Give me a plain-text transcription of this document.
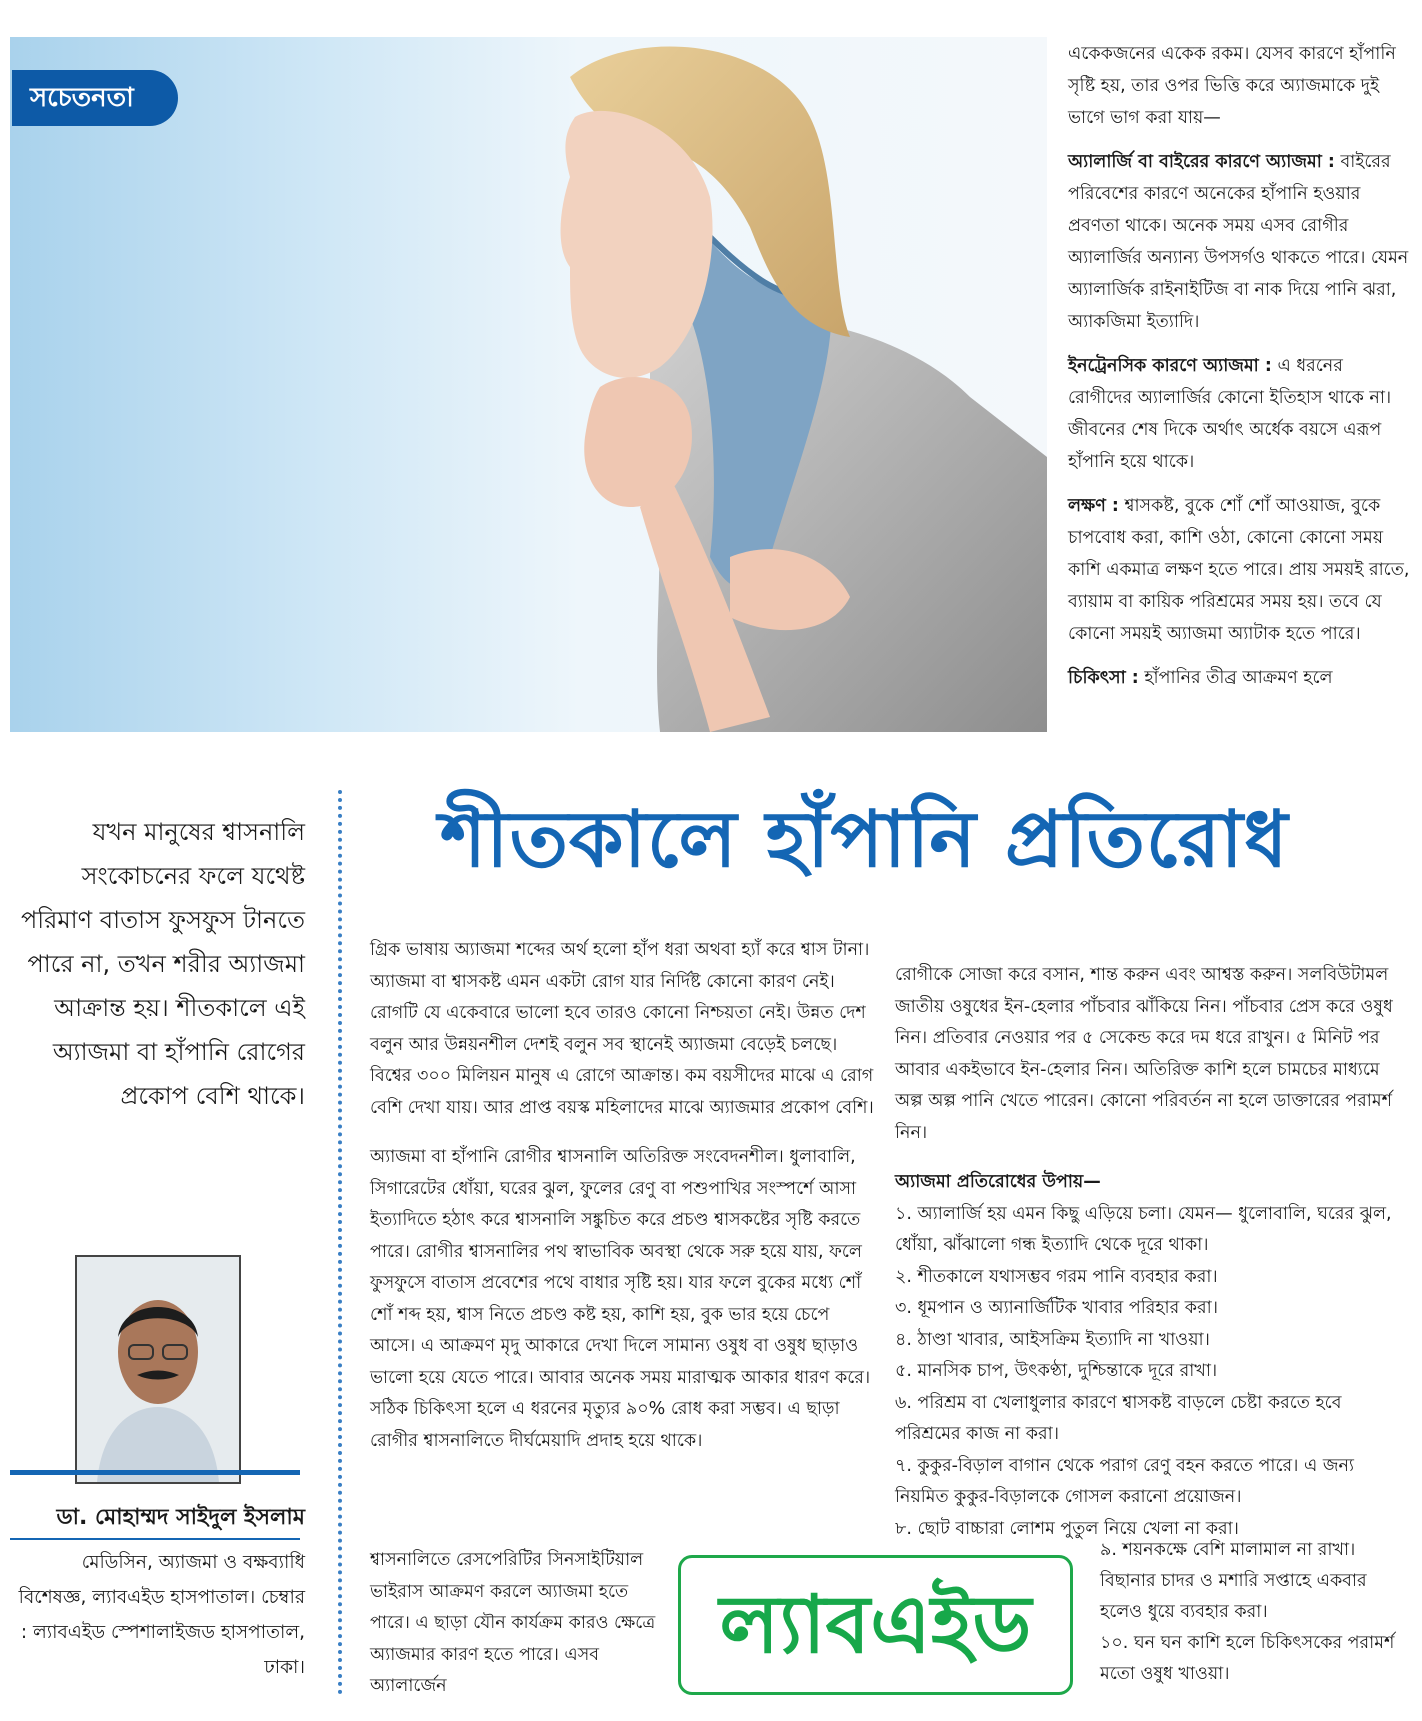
সচেতনতা

একেকজনের একেক রকম। যেসব কারণে হাঁপানি সৃষ্টি হয়, তার ওপর ভিত্তি করে অ্যাজমাকে দুই ভাগে ভাগ করা যায়—

অ্যালার্জি বা বাইরের কারণে অ্যাজমা : বাইরের পরিবেশের কারণে অনেকের হাঁপানি হওয়ার প্রবণতা থাকে। অনেক সময় এসব রোগীর অ্যালার্জির অন্যান্য উপসর্গও থাকতে পারে। যেমন অ্যালার্জিক রাইনাইটিজ বা নাক দিয়ে পানি ঝরা, অ্যাকজিমা ইত্যাদি।

ইনট্রেনসিক কারণে অ্যাজমা : এ ধরনের রোগীদের অ্যালার্জির কোনো ইতিহাস থাকে না। জীবনের শেষ দিকে অর্থাৎ অর্ধেক বয়সে এরূপ হাঁপানি হয়ে থাকে।

লক্ষণ : শ্বাসকষ্ট, বুকে শোঁ শোঁ আওয়াজ, বুকে চাপবোধ করা, কাশি ওঠা, কোনো কোনো সময় কাশি একমাত্র লক্ষণ হতে পারে। প্রায় সময়ই রাতে, ব্যায়াম বা কায়িক পরিশ্রমের সময় হয়। তবে যে কোনো সময়ই অ্যাজমা অ্যাটাক হতে পারে।

চিকিৎসা : হাঁপানির তীব্র আক্রমণ হলে

শীতকালে হাঁপানি প্রতিরোধ
যখন মানুষের শ্বাসনালি সংকোচনের ফলে যথেষ্ট পরিমাণ বাতাস ফুসফুস টানতে পারে না, তখন শরীর অ্যাজমা আক্রান্ত হয়। শীতকালে এই অ্যাজমা বা হাঁপানি রোগের প্রকোপ বেশি থাকে।
ডা. মোহাম্মদ সাইদুল ইসলাম
মেডিসিন, অ্যাজমা ও বক্ষব্যাধি বিশেষজ্ঞ, ল্যাবএইড হাসপাতাল। চেম্বার : ল্যাবএইড স্পেশালাইজড হাসপাতাল, ঢাকা।

গ্রিক ভাষায় অ্যাজমা শব্দের অর্থ হলো হাঁপ ধরা অথবা হ্যাঁ করে শ্বাস টানা। অ্যাজমা বা শ্বাসকষ্ট এমন একটা রোগ যার নির্দিষ্ট কোনো কারণ নেই। রোগটি যে একেবারে ভালো হবে তারও কোনো নিশ্চয়তা নেই। উন্নত দেশ বলুন আর উন্নয়নশীল দেশই বলুন সব স্থানেই অ্যাজমা বেড়েই চলছে। বিশ্বের ৩০০ মিলিয়ন মানুষ এ রোগে আক্রান্ত। কম বয়সীদের মাঝে এ রোগ বেশি দেখা যায়। আর প্রাপ্ত বয়স্ক মহিলাদের মাঝে অ্যাজমার প্রকোপ বেশি।

অ্যাজমা বা হাঁপানি রোগীর শ্বাসনালি অতিরিক্ত সংবেদনশীল। ধুলাবালি, সিগারেটের ধোঁয়া, ঘরের ঝুল, ফুলের রেণু বা পশুপাখির সংস্পর্শে আসা ইত্যাদিতে হঠাৎ করে শ্বাসনালি সঙ্কুচিত করে প্রচণ্ড শ্বাসকষ্টের সৃষ্টি করতে পারে। রোগীর শ্বাসনালির পথ স্বাভাবিক অবস্থা থেকে সরু হয়ে যায়, ফলে ফুসফুসে বাতাস প্রবেশের পথে বাধার সৃষ্টি হয়। যার ফলে বুকের মধ্যে শোঁ শোঁ শব্দ হয়, শ্বাস নিতে প্রচণ্ড কষ্ট হয়, কাশি হয়, বুক ভার হয়ে চেপে আসে। এ আক্রমণ মৃদু আকারে দেখা দিলে সামান্য ওষুধ বা ওষুধ ছাড়াও ভালো হয়ে যেতে পারে। আবার অনেক সময় মারাত্মক আকার ধারণ করে। সঠিক চিকিৎসা হলে এ ধরনের মৃত্যুর ৯০% রোধ করা সম্ভব। এ ছাড়া রোগীর শ্বাসনালিতে দীর্ঘমেয়াদি প্রদাহ হয়ে থাকে।

শ্বাসনালিতে রেসপেরিটির সিনসাইটিয়াল ভাইরাস আক্রমণ করলে অ্যাজমা হতে পারে। এ ছাড়া যৌন কার্যক্রম কারও ক্ষেত্রে অ্যাজমার কারণ হতে পারে। এসব অ্যালার্জেন

রোগীকে সোজা করে বসান, শান্ত করুন এবং আশ্বস্ত করুন। সলবিউটামল জাতীয় ওষুধের ইন-হেলার পাঁচবার ঝাঁকিয়ে নিন। পাঁচবার প্রেস করে ওষুধ নিন। প্রতিবার নেওয়ার পর ৫ সেকেন্ড করে দম ধরে রাখুন। ৫ মিনিট পর আবার একইভাবে ইন-হেলার নিন। অতিরিক্ত কাশি হলে চামচের মাধ্যমে অল্প অল্প পানি খেতে পারেন। কোনো পরিবর্তন না হলে ডাক্তারের পরামর্শ নিন।

অ্যাজমা প্রতিরোধের উপায়—
১. অ্যালার্জি হয় এমন কিছু এড়িয়ে চলা। যেমন— ধুলোবালি, ঘরের ঝুল, ধোঁয়া, ঝাঁঝালো গন্ধ ইত্যাদি থেকে দূরে থাকা।
২. শীতকালে যথাসম্ভব গরম পানি ব্যবহার করা।
৩. ধূমপান ও অ্যানার্জিটিক খাবার পরিহার করা।
৪. ঠাণ্ডা খাবার, আইসক্রিম ইত্যাদি না খাওয়া।
৫. মানসিক চাপ, উৎকণ্ঠা, দুশ্চিন্তাকে দূরে রাখা।
৬. পরিশ্রম বা খেলাধুলার কারণে শ্বাসকষ্ট বাড়লে চেষ্টা করতে হবে পরিশ্রমের কাজ না করা।
৭. কুকুর-বিড়াল বাগান থেকে পরাগ রেণু বহন করতে পারে। এ জন্য নিয়মিত কুকুর-বিড়ালকে গোসল করানো প্রয়োজন।
৮. ছোট বাচ্চারা লোশম পুতুল নিয়ে খেলা না করা।
৯. শয়নকক্ষে বেশি মালামাল না রাখা। বিছানার চাদর ও মশারি সপ্তাহে একবার হলেও ধুয়ে ব্যবহার করা।
১০. ঘন ঘন কাশি হলে চিকিৎসকের পরামর্শ মতো ওষুধ খাওয়া।
ল্যাবএইড
